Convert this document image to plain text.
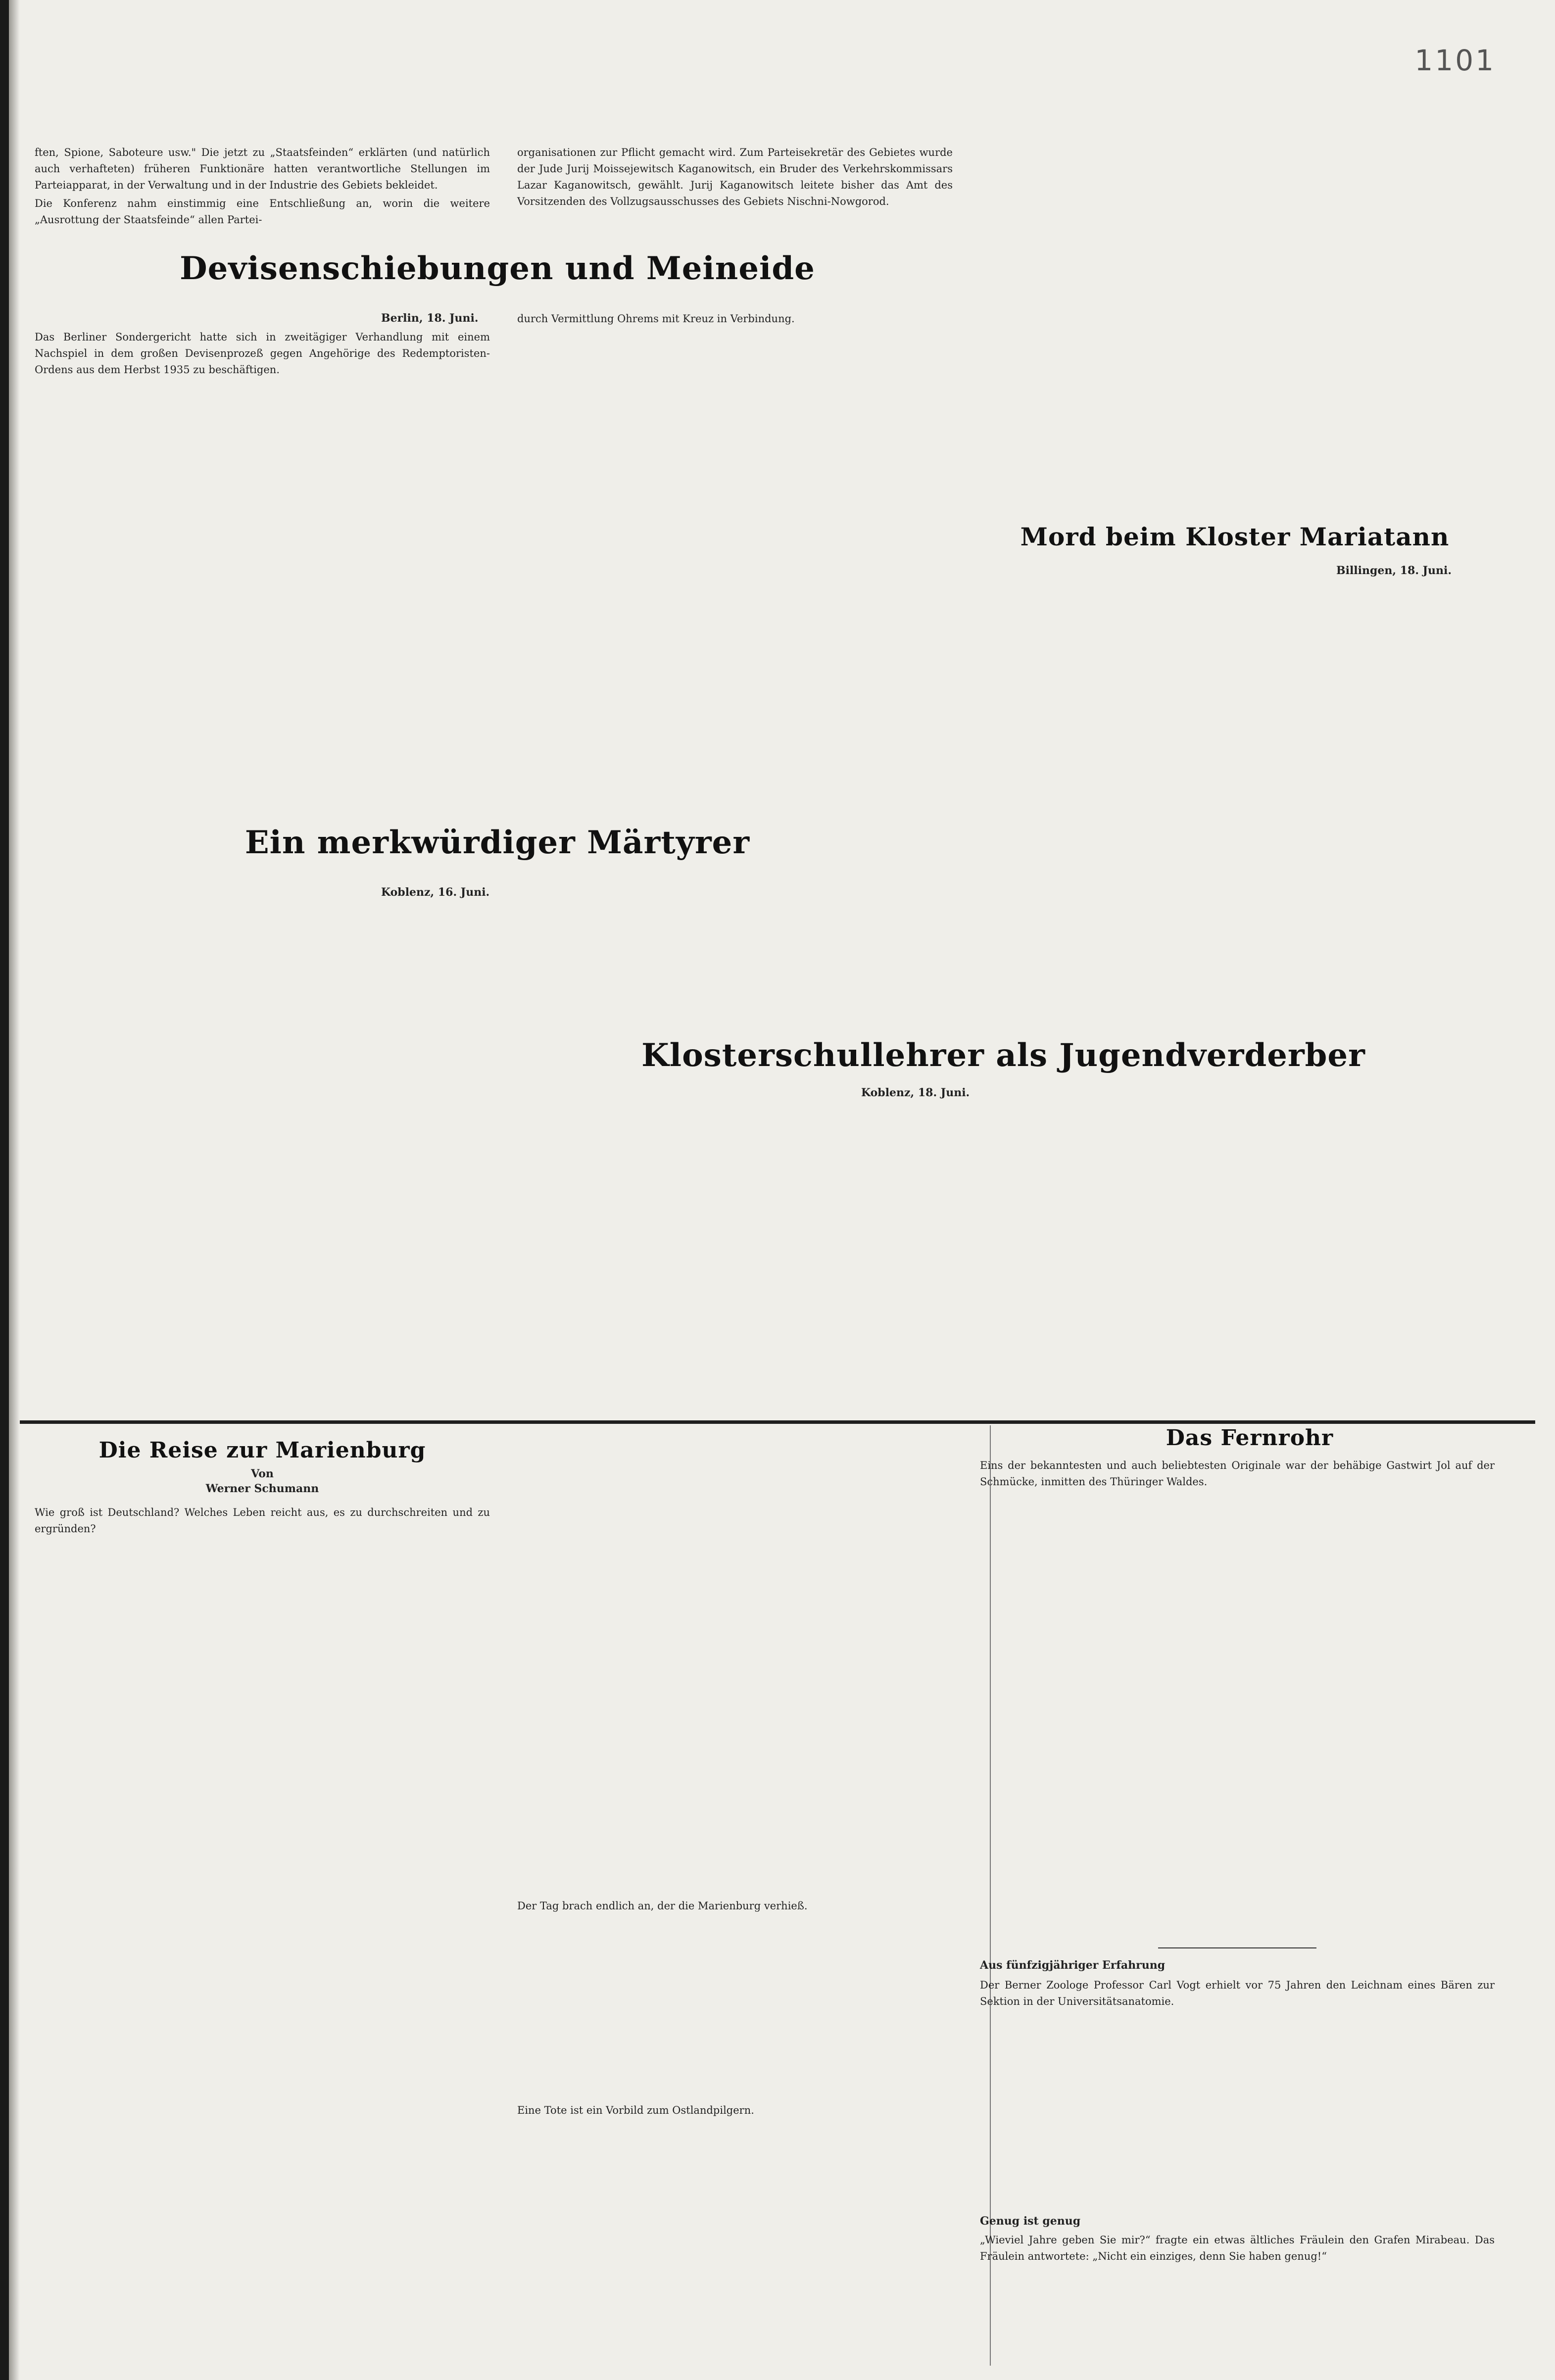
1101

ften, Spione, Saboteure usw." Die jetzt zu „Staatsfeinden“ erklärten (und natürlich auch verhafteten) früheren Funktionäre hatten verantwortliche Stellungen im Parteiapparat, in der Verwaltung und in der Industrie des Gebiets bekleidet.

Die Konferenz nahm einstimmig eine Entschließung an, worin die weitere „Ausrottung der Staatsfeinde“ allen Partei-

organisationen zur Pflicht gemacht wird. Zum Parteisekretär des Gebietes wurde der Jude Jurij Moissejewitsch Kaganowitsch, ein Bruder des Verkehrskommissars Lazar Kaganowitsch, gewählt. Jurij Kaganowitsch leitete bisher das Amt des Vorsitzenden des Vollzugsausschusses des Gebiets Nischni-Nowgorod.

Devisenschiebungen und Meineide
Berlin, 18. Juni.

Das Berliner Sondergericht hatte sich in zweitägiger Verhandlung mit einem Nachspiel in dem großen Devisenprozeß gegen Angehörige des Redemptoristen-Ordens aus dem Herbst 1935 zu beschäftigen.

durch Vermittlung Ohrems mit Kreuz in Verbindung.

Mord beim Kloster Mariatann
Billingen, 18. Juni.
Ein merkwürdiger Märtyrer
Koblenz, 16. Juni.
Klosterschullehrer als Jugendverderber
Koblenz, 18. Juni.
Die Reise zur Marienburg
Von
Werner Schumann

Wie groß ist Deutschland? Welches Leben reicht aus, es zu durchschreiten und zu ergründen?

Der Tag brach endlich an, der die Marienburg verhieß.

Eine Tote ist ein Vorbild zum Ostlandpilgern.

Das Fernrohr

Eins der bekanntesten und auch beliebtesten Originale war der behäbige Gastwirt Jol auf der Schmücke, inmitten des Thüringer Waldes.

Aus fünfzigjähriger Erfahrung

Der Berner Zoologe Professor Carl Vogt erhielt vor 75 Jahren den Leichnam eines Bären zur Sektion in der Universitätsanatomie.

Genug ist genug

„Wieviel Jahre geben Sie mir?“ fragte ein etwas ältliches Fräulein den Grafen Mirabeau. Das Fräulein antwortete: „Nicht ein einziges, denn Sie haben genug!“
